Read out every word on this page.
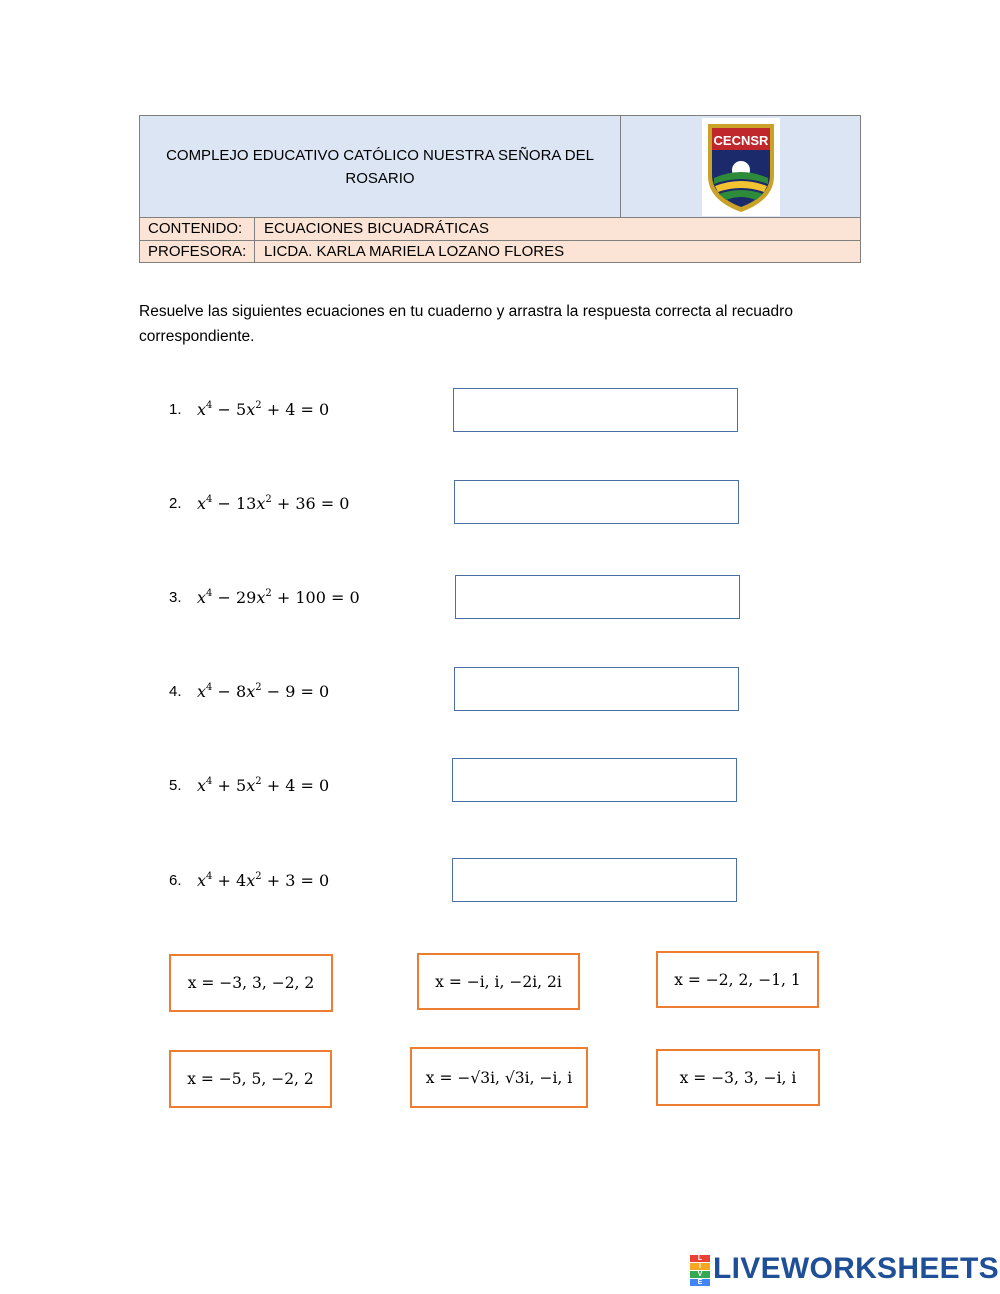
COMPLEJO EDUCATIVO CATÓLICO NUESTRA SEÑORA DEL ROSARIO
CECNSR
CONTENIDO:	ECUACIONES BICUADRÁTICAS
PROFESORA:	LICDA. KARLA MARIELA LOZANO FLORES
Resuelve las siguientes ecuaciones en tu cuaderno y arrastra la respuesta correcta al recuadro correspondiente.
1. $x^4 - 5x^2 + 4 = 0$
2. $x^4 - 13x^2 + 36 = 0$
3. $x^4 - 29x^2 + 100 = 0$
4. $x^4 - 8x^2 - 9 = 0$
5. $x^4 + 5x^2 + 4 = 0$
6. $x^4 + 4x^2 + 3 = 0$
x = −3, 3, −2, 2	x = −i, i, −2i, 2i	x = −2, 2, −1, 1
x = −5, 5, −2, 2	x = −√3i, √3i, −i, i	x = −3, 3, −i, i
L
I
V
E LIVEWORKSHEETS
